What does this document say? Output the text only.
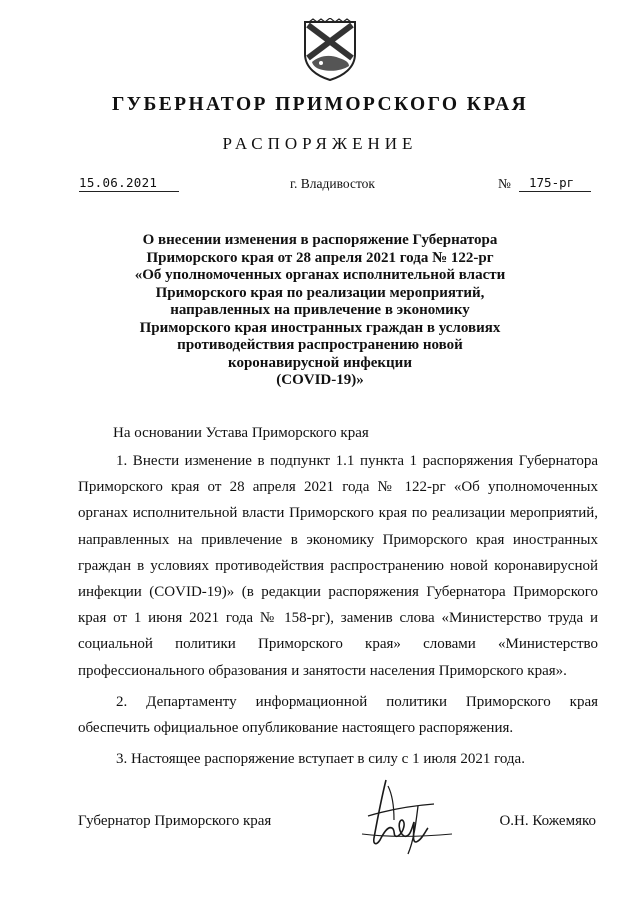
ГУБЕРНАТОР ПРИМОРСКОГО КРАЯ
РАСПОРЯЖЕНИЕ
15.06.2021	г. Владивосток	№	175-рг
О внесении изменения в распоряжение Губернатора
Приморского края от 28 апреля 2021 года № 122-рг
«Об уполномоченных органах исполнительной власти
Приморского края по реализации мероприятий,
направленных на привлечение в экономику
Приморского края иностранных граждан в условиях
противодействия распространению новой
коронавирусной инфекции
(COVID-19)»
На основании Устава Приморского края
1. Внести изменение в подпункт 1.1 пункта 1 распоряжения Губернатора
Приморского края от 28 апреля 2021 года № 122-рг «Об уполномоченных
органах исполнительной власти Приморского края по реализации мероприятий,
направленных на привлечение в экономику Приморского края иностранных
граждан в условиях противодействия распространению новой коронавирусной
инфекции (COVID-19)» (в редакции распоряжения Губернатора Приморского
края от 1 июня 2021 года № 158-рг), заменив слова «Министерство труда и
социальной политики Приморского края» словами «Министерство
профессионального образования и занятости населения Приморского края».
2. Департаменту информационной политики Приморского края
обеспечить официальное опубликование настоящего распоряжения.
3. Настоящее распоряжение вступает в силу с 1 июля 2021 года.
Губернатор Приморского края	О.Н. Кожемяко
